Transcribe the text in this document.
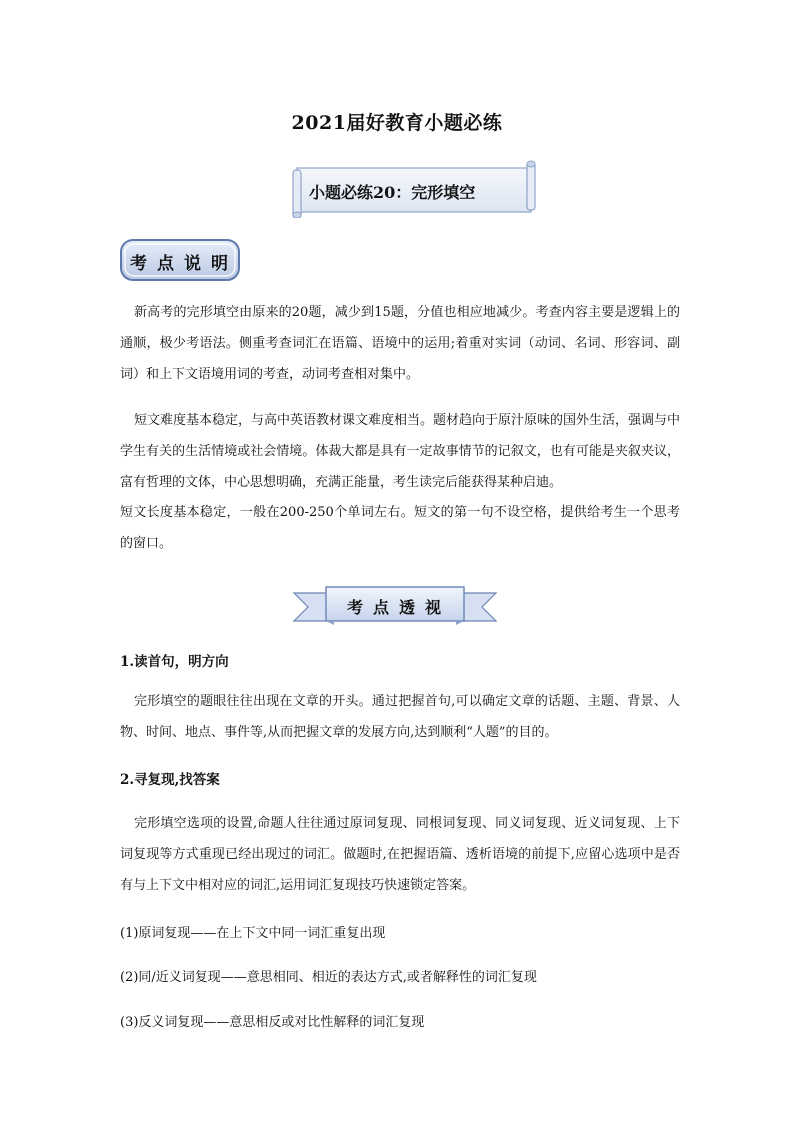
2021届好教育小题必练
小题必练20：完形填空
考点说明
新高考的完形填空由原来的20题，减少到15题，分值也相应地减少。考查内容主要是逻辑上的通顺，极少考语法。侧重考查词汇在语篇、语境中的运用;着重对实词（动词、名词、形容词、副词）和上下文语境用词的考查，动词考查相对集中。
短文难度基本稳定，与高中英语教材课文难度相当。题材趋向于原汁原味的国外生活，强调与中学生有关的生活情境或社会情境。体裁大都是具有一定故事情节的记叙文，也有可能是夹叙夹议，富有哲理的文体，中心思想明确，充满正能量，考生读完后能获得某种启迪。
短文长度基本稳定，一般在200-250个单词左右。短文的第一句不设空格，提供给考生一个思考的窗口。
考点透视
1.读首句，明方向
完形填空的题眼往往出现在文章的开头。通过把握首句,可以确定文章的话题、主题、背景、人物、时间、地点、事件等,从而把握文章的发展方向,达到顺利“人题”的目的。
2.寻复现,找答案
完形填空选项的设置,命题人往往通过原词复现、同根词复现、同义词复现、近义词复现、上下词复现等方式重现已经出现过的词汇。做题时,在把握语篇、透析语境的前提下,应留心选项中是否有与上下文中相对应的词汇,运用词汇复现技巧快速锁定答案。
(1)原词复现——在上下文中同一词汇重复出现
(2)同/近义词复现——意思相同、相近的表达方式,或者解释性的词汇复现
(3)反义词复现——意思相反或对比性解释的词汇复现
